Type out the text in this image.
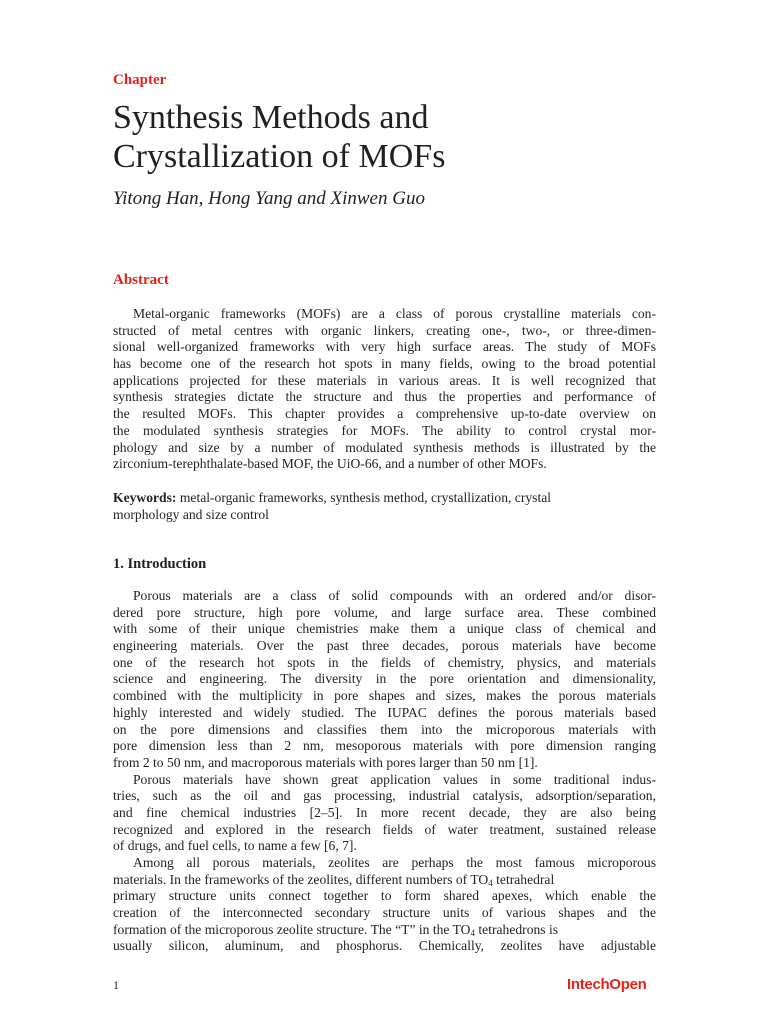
Chapter
Synthesis Methods and
Crystallization of MOFs
Yitong Han, Hong Yang and Xinwen Guo
Abstract
Metal-organic frameworks (MOFs) are a class of porous crystalline materials con-
structed of metal centres with organic linkers, creating one-, two-, or three-dimen-
sional well-organized frameworks with very high surface areas. The study of MOFs
has become one of the research hot spots in many fields, owing to the broad potential
applications projected for these materials in various areas. It is well recognized that
synthesis strategies dictate the structure and thus the properties and performance of
the resulted MOFs. This chapter provides a comprehensive up-to-date overview on
the modulated synthesis strategies for MOFs. The ability to control crystal mor-
phology and size by a number of modulated synthesis methods is illustrated by the
zirconium-terephthalate-based MOF, the UiO-66, and a number of other MOFs.
Keywords: metal-organic frameworks, synthesis method, crystallization, crystal
morphology and size control
1. Introduction
Porous materials are a class of solid compounds with an ordered and/or disor-
dered pore structure, high pore volume, and large surface area. These combined
with some of their unique chemistries make them a unique class of chemical and
engineering materials. Over the past three decades, porous materials have become
one of the research hot spots in the fields of chemistry, physics, and materials
science and engineering. The diversity in the pore orientation and dimensionality,
combined with the multiplicity in pore shapes and sizes, makes the porous materials
highly interested and widely studied. The IUPAC defines the porous materials based
on the pore dimensions and classifies them into the microporous materials with
pore dimension less than 2 nm, mesoporous materials with pore dimension ranging
from 2 to 50 nm, and macroporous materials with pores larger than 50 nm [1].
Porous materials have shown great application values in some traditional indus-
tries, such as the oil and gas processing, industrial catalysis, adsorption/separation,
and fine chemical industries [2–5]. In more recent decade, they are also being
recognized and explored in the research fields of water treatment, sustained release
of drugs, and fuel cells, to name a few [6, 7].
Among all porous materials, zeolites are perhaps the most famous microporous
materials. In the frameworks of the zeolites, different numbers of $TO_4$ tetrahedral
primary structure units connect together to form shared apexes, which enable the
creation of the interconnected secondary structure units of various shapes and the
formation of the microporous zeolite structure. The “T” in the $TO_4$ tetrahedrons is
usually silicon, aluminum, and phosphorus. Chemically, zeolites have adjustable
1	IntechOpen
